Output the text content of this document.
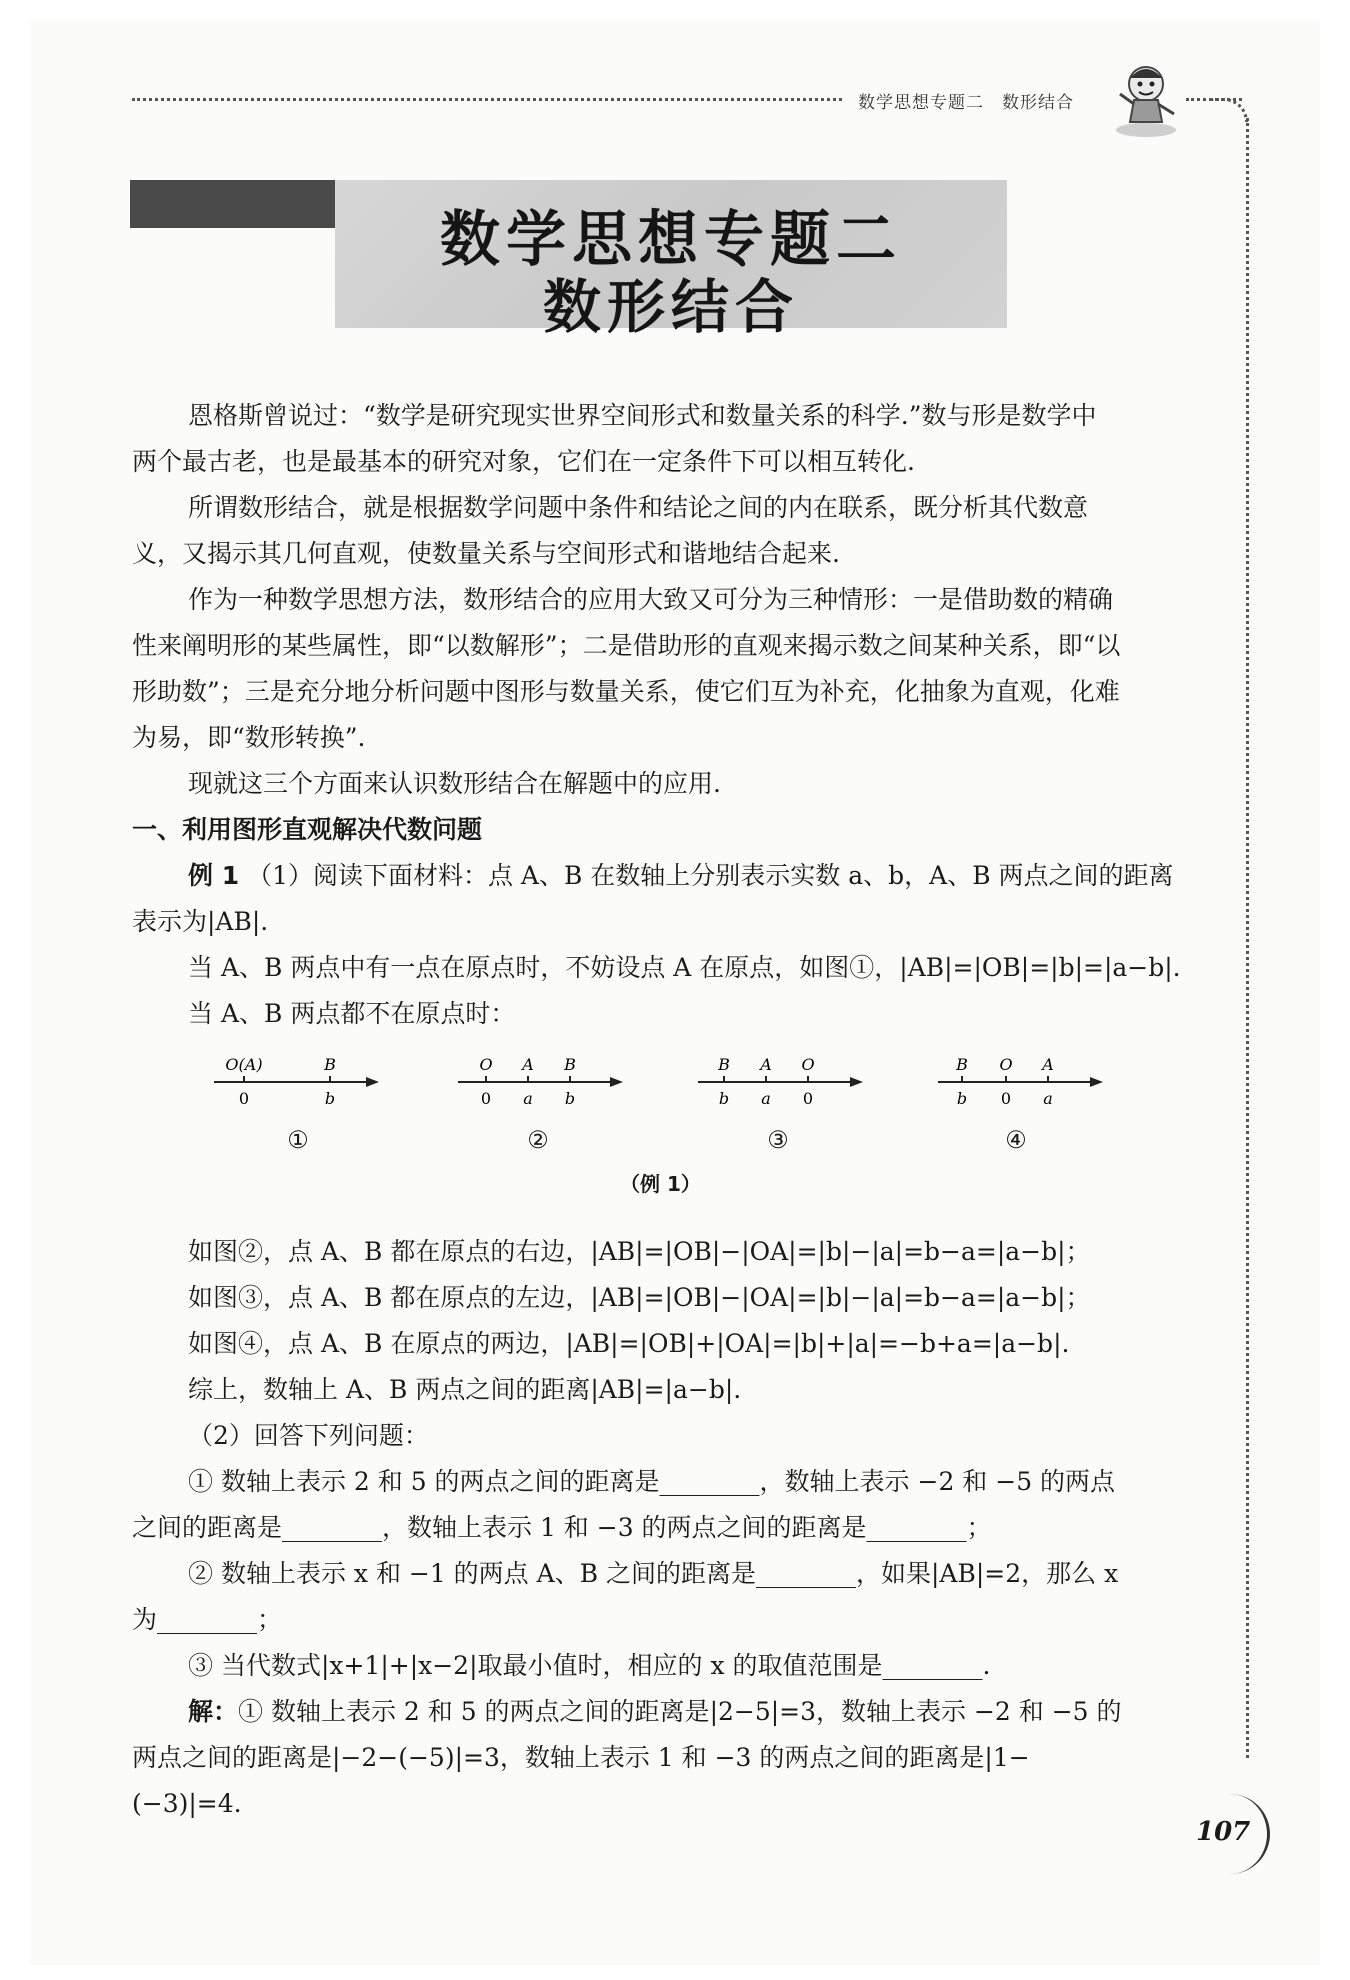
数学思想专题二　数形结合
数学思想专题二
数形结合
恩格斯曾说过：“数学是研究现实世界空间形式和数量关系的科学.”数与形是数学中
两个最古老，也是最基本的研究对象，它们在一定条件下可以相互转化.
所谓数形结合，就是根据数学问题中条件和结论之间的内在联系，既分析其代数意
义，又揭示其几何直观，使数量关系与空间形式和谐地结合起来.
作为一种数学思想方法，数形结合的应用大致又可分为三种情形：一是借助数的精确
性来阐明形的某些属性，即“以数解形”；二是借助形的直观来揭示数之间某种关系，即“以
形助数”；三是充分地分析问题中图形与数量关系，使它们互为补充，化抽象为直观，化难
为易，即“数形转换”.
现就这三个方面来认识数形结合在解题中的应用.
一、利用图形直观解决代数问题
例 1 （1）阅读下面材料：点 A、B 在数轴上分别表示实数 a、b，A、B 两点之间的距离
表示为|AB|.
当 A、B 两点中有一点在原点时，不妨设点 A 在原点，如图①，|AB|=|OB|=|b|=|a−b|.
当 A、B 两点都不在原点时：
O(A)	B
0	b
O A B
0 a b
B A O
b a 0
B O A
b 0 a
①	②	③	④
（例 1）
如图②，点 A、B 都在原点的右边，|AB|=|OB|−|OA|=|b|−|a|=b−a=|a−b|；
如图③，点 A、B 都在原点的左边，|AB|=|OB|−|OA|=|b|−|a|=b−a=|a−b|；
如图④，点 A、B 在原点的两边，|AB|=|OB|+|OA|=|b|+|a|=−b+a=|a−b|.
综上，数轴上 A、B 两点之间的距离|AB|=|a−b|.
（2）回答下列问题：
① 数轴上表示 2 和 5 的两点之间的距离是________，数轴上表示 −2 和 −5 的两点
之间的距离是________，数轴上表示 1 和 −3 的两点之间的距离是________；
② 数轴上表示 x 和 −1 的两点 A、B 之间的距离是________，如果|AB|=2，那么 x
为________；
③ 当代数式|x+1|+|x−2|取最小值时，相应的 x 的取值范围是________.
解：① 数轴上表示 2 和 5 的两点之间的距离是|2−5|=3，数轴上表示 −2 和 −5 的
两点之间的距离是|−2−(−5)|=3，数轴上表示 1 和 −3 的两点之间的距离是|1−
(−3)|=4.
107
